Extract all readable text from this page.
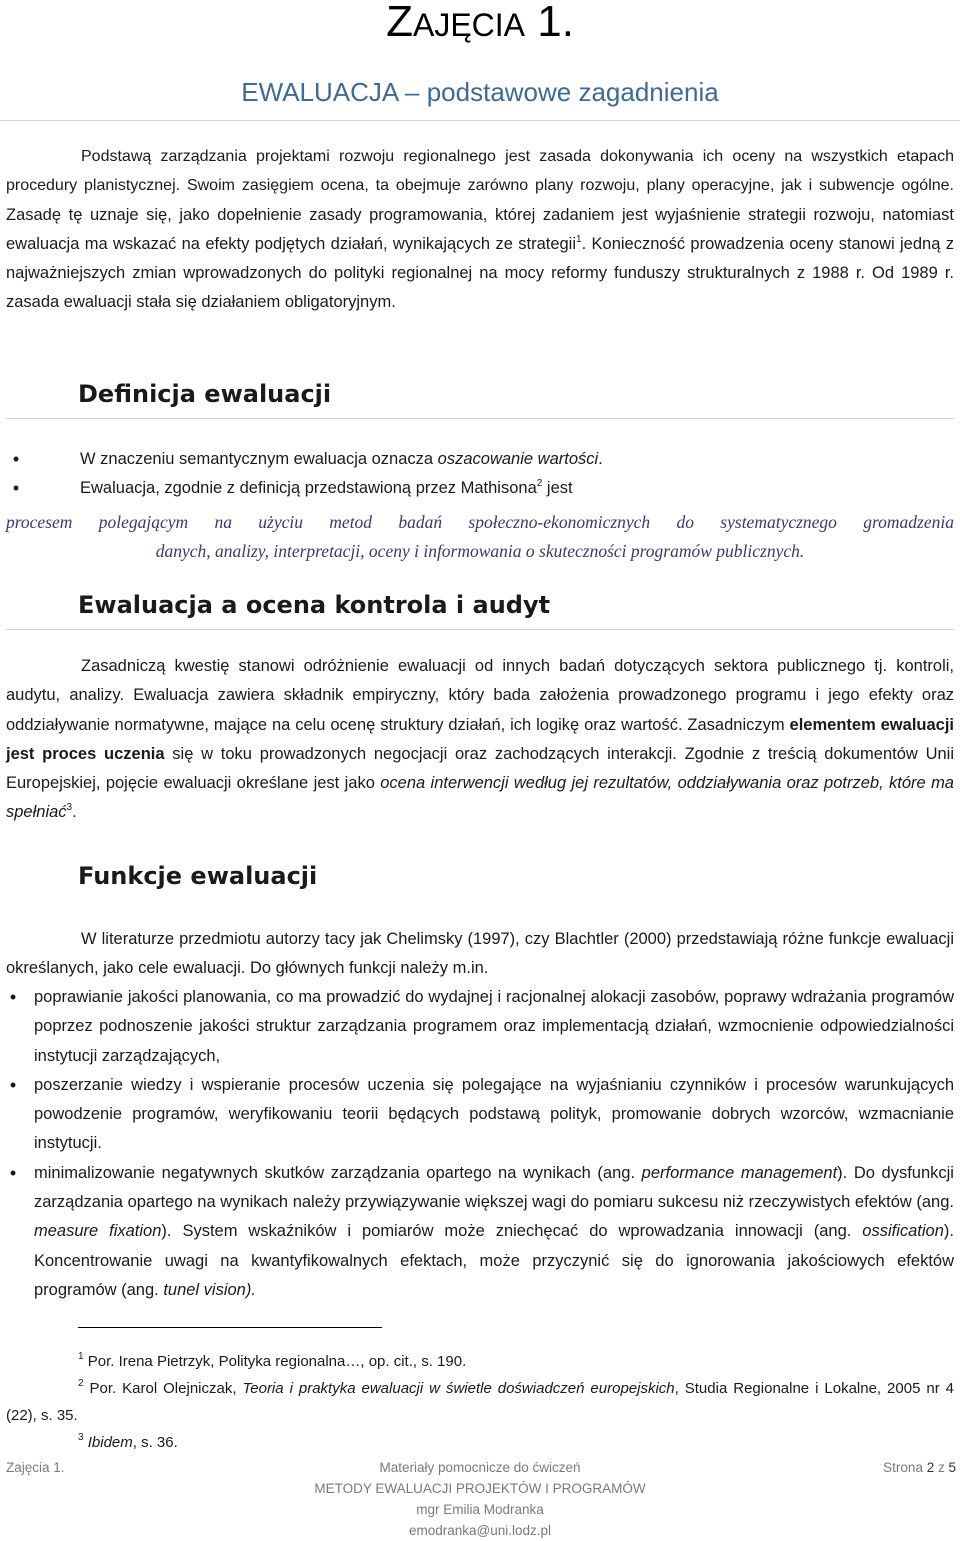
ZAJĘCIA 1.
EWALUACJA – podstawowe zagadnienia

Podstawą zarządzania projektami rozwoju regionalnego jest zasada dokonywania ich oceny na wszystkich etapach procedury planistycznej. Swoim zasięgiem ocena, ta obejmuje zarówno plany rozwoju, plany operacyjne, jak i subwencje ogólne. Zasadę tę uznaje się, jako dopełnienie zasady programowania, której zadaniem jest wyjaśnienie strategii rozwoju, natomiast ewaluacja ma wskazać na efekty podjętych działań, wynikających ze strategii$^1$. Konieczność prowadzenia oceny stanowi jedną z najważniejszych zmian wprowadzonych do polityki regionalnej na mocy reformy funduszy strukturalnych z 1988 r. Od 1989 r. zasada ewaluacji stała się działaniem obligatoryjnym.

Definicja ewaluacji
•	W znaczeniu semantycznym ewaluacja oznacza oszacowanie wartości.
•	Ewaluacja, zgodnie z definicją przedstawioną przez Mathisona$^2$ jest
procesem polegającym na użyciu metod badań społeczno-ekonomicznych do systematycznego gromadzenia
danych, analizy, interpretacji, oceny i informowania o skuteczności programów publicznych.
Ewaluacja a ocena kontrola i audyt

Zasadniczą kwestię stanowi odróżnienie ewaluacji od innych badań dotyczących sektora publicznego tj. kontroli, audytu, analizy. Ewaluacja zawiera składnik empiryczny, który bada założenia prowadzonego programu i jego efekty oraz oddziaływanie normatywne, mające na celu ocenę struktury działań, ich logikę oraz wartość. Zasadniczym elementem ewaluacji jest proces uczenia się w toku prowadzonych negocjacji oraz zachodzących interakcji. Zgodnie z treścią dokumentów Unii Europejskiej, pojęcie ewaluacji określane jest jako ocena interwencji według jej rezultatów, oddziaływania oraz potrzeb, które ma spełniać$^3$.

Funkcje ewaluacji

W literaturze przedmiotu autorzy tacy jak Chelimsky (1997), czy Blachtler (2000) przedstawiają różne funkcje ewaluacji określanych, jako cele ewaluacji. Do głównych funkcji należy m.in.

• poprawianie jakości planowania, co ma prowadzić do wydajnej i racjonalnej alokacji zasobów, poprawy wdrażania programów poprzez podnoszenie jakości struktur zarządzania programem oraz implementacją działań, wzmocnienie odpowiedzialności instytucji zarządzających,

• poszerzanie wiedzy i wspieranie procesów uczenia się polegające na wyjaśnianiu czynników i procesów warunkujących powodzenie programów, weryfikowaniu teorii będących podstawą polityk, promowanie dobrych wzorców, wzmacnianie instytucji.

• minimalizowanie negatywnych skutków zarządzania opartego na wynikach (ang. performance management). Do dysfunkcji zarządzania opartego na wynikach należy przywiązywanie większej wagi do pomiaru sukcesu niż rzeczywistych efektów (ang. measure fixation). System wskaźników i pomiarów może zniechęcać do wprowadzania innowacji (ang. ossification). Koncentrowanie uwagi na kwantyfikowalnych efektach, może przyczynić się do ignorowania jakościowych efektów programów (ang. tunel vision).

$^1$ Por. Irena Pietrzyk, Polityka regionalna…, op. cit., s. 190.
$^2$ Por. Karol Olejniczak, Teoria i praktyka ewaluacji w świetle doświadczeń europejskich, Studia Regionalne i Lokalne, 2005 nr 4 (22), s. 35.
$^3$ Ibidem, s. 36.
Zajęcia 1.	Materiały pomocnicze do ćwiczeń
METODY EWALUACJI PROJEKTÓW I PROGRAMÓW
mgr Emilia Modranka
emodranka@uni.lodz.pl
Strona 2 z 5
